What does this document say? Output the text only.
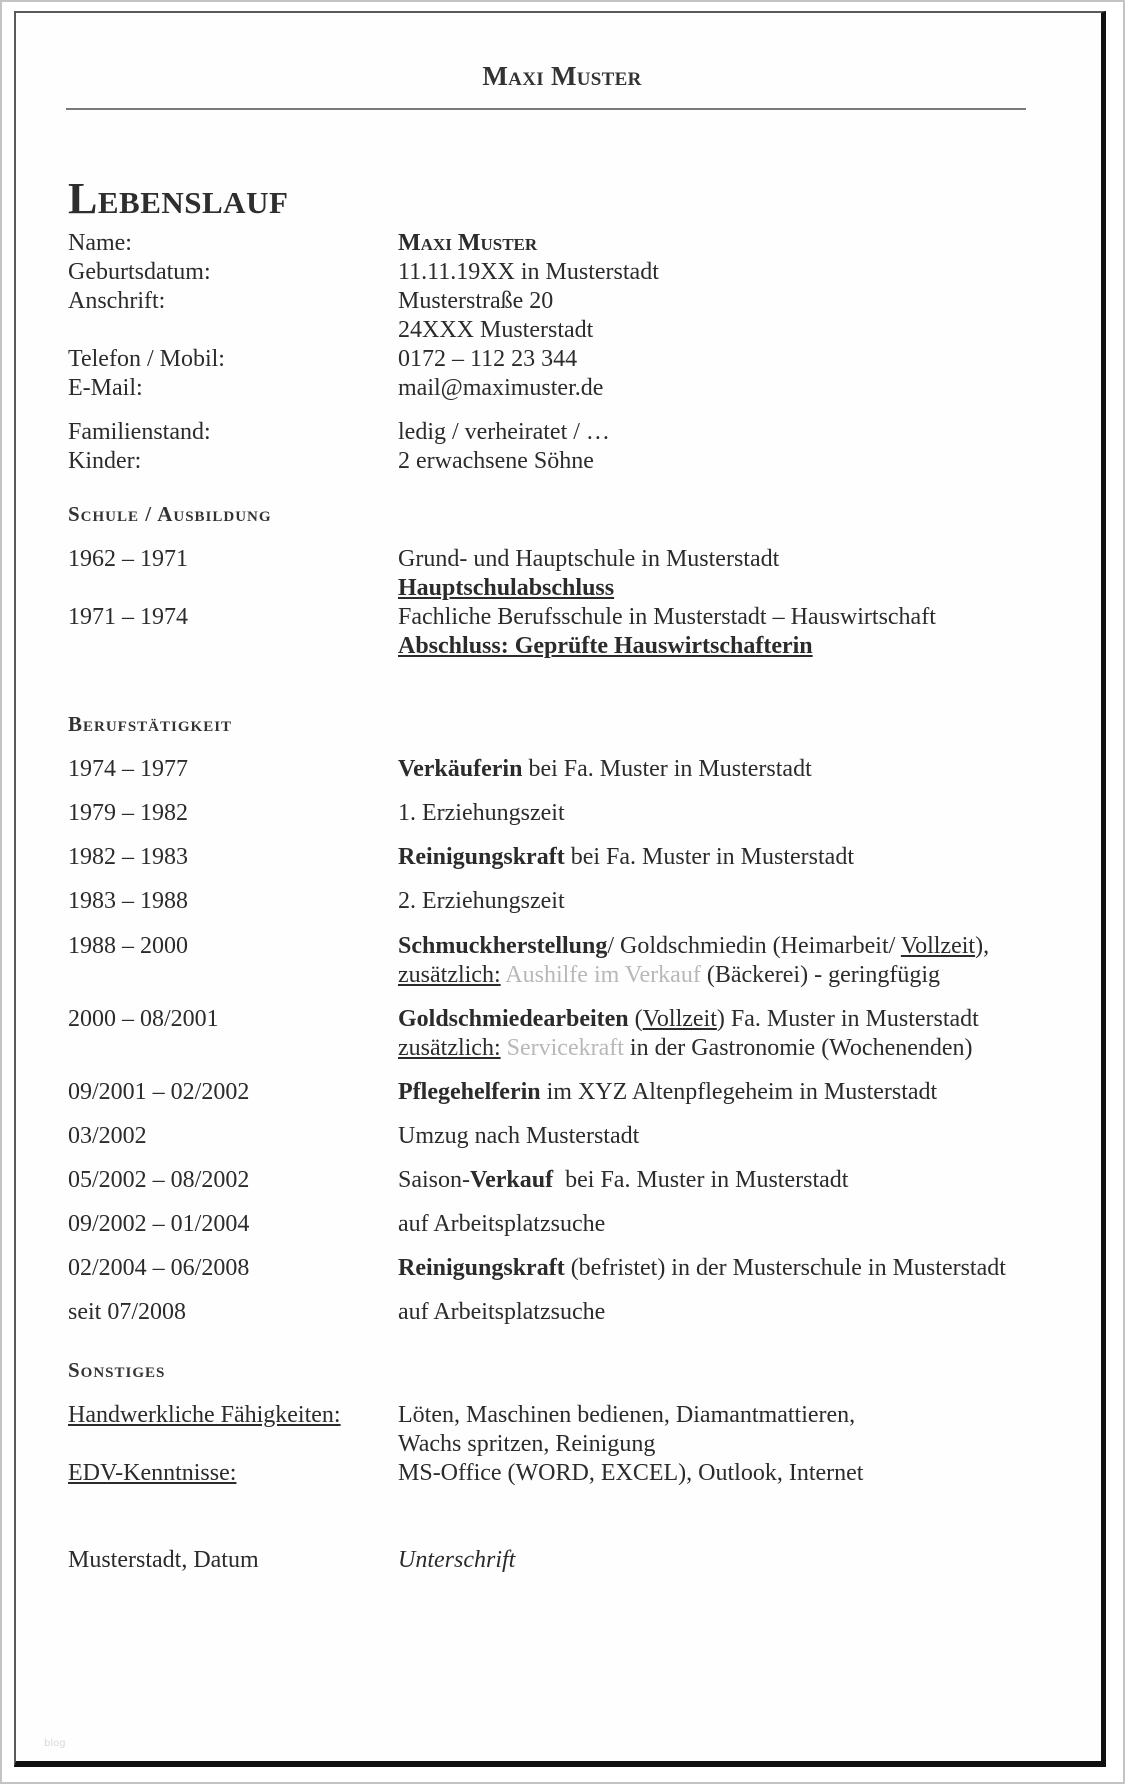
Maxi Muster
Lebenslauf
Name:	Maxi Muster
Geburtsdatum:	11.11.19XX in Musterstadt
Anschrift:	Musterstraße 20
24XXX Musterstadt
Telefon / Mobil:	0172 – 112 23 344
E-Mail:	mail@maximuster.de
Familienstand:	ledig / verheiratet / …
Kinder:	2 erwachsene Söhne
Schule / Ausbildung
1962 – 1971	Grund- und Hauptschule in Musterstadt
Hauptschulabschluss
1971 – 1974	Fachliche Berufsschule in Musterstadt – Hauswirtschaft
Abschluss: Geprüfte Hauswirtschafterin
Berufstätigkeit
1974 – 1977	Verkäuferin bei Fa. Muster in Musterstadt
1979 – 1982	1. Erziehungszeit
1982 – 1983	Reinigungskraft bei Fa. Muster in Musterstadt
1983 – 1988	2. Erziehungszeit
1988 – 2000	Schmuckherstellung/ Goldschmiedin (Heimarbeit/ Vollzeit),
zusätzlich: Aushilfe im Verkauf (Bäckerei) - geringfügig
2000 – 08/2001	Goldschmiedearbeiten (Vollzeit) Fa. Muster in Musterstadt
zusätzlich: Servicekraft in der Gastronomie (Wochenenden)
09/2001 – 02/2002	Pflegehelferin im XYZ Altenpflegeheim in Musterstadt
03/2002	Umzug nach Musterstadt
05/2002 – 08/2002	Saison-Verkauf  bei Fa. Muster in Musterstadt
09/2002 – 01/2004	auf Arbeitsplatzsuche
02/2004 – 06/2008	Reinigungskraft (befristet) in der Musterschule in Musterstadt
seit 07/2008	auf Arbeitsplatzsuche
Sonstiges
Handwerkliche Fähigkeiten: Löten, Maschinen bedienen, Diamantmattieren,
Wachs spritzen, Reinigung
EDV-Kenntnisse:	MS-Office (WORD, EXCEL), Outlook, Internet
Musterstadt, Datum	Unterschrift
blog
